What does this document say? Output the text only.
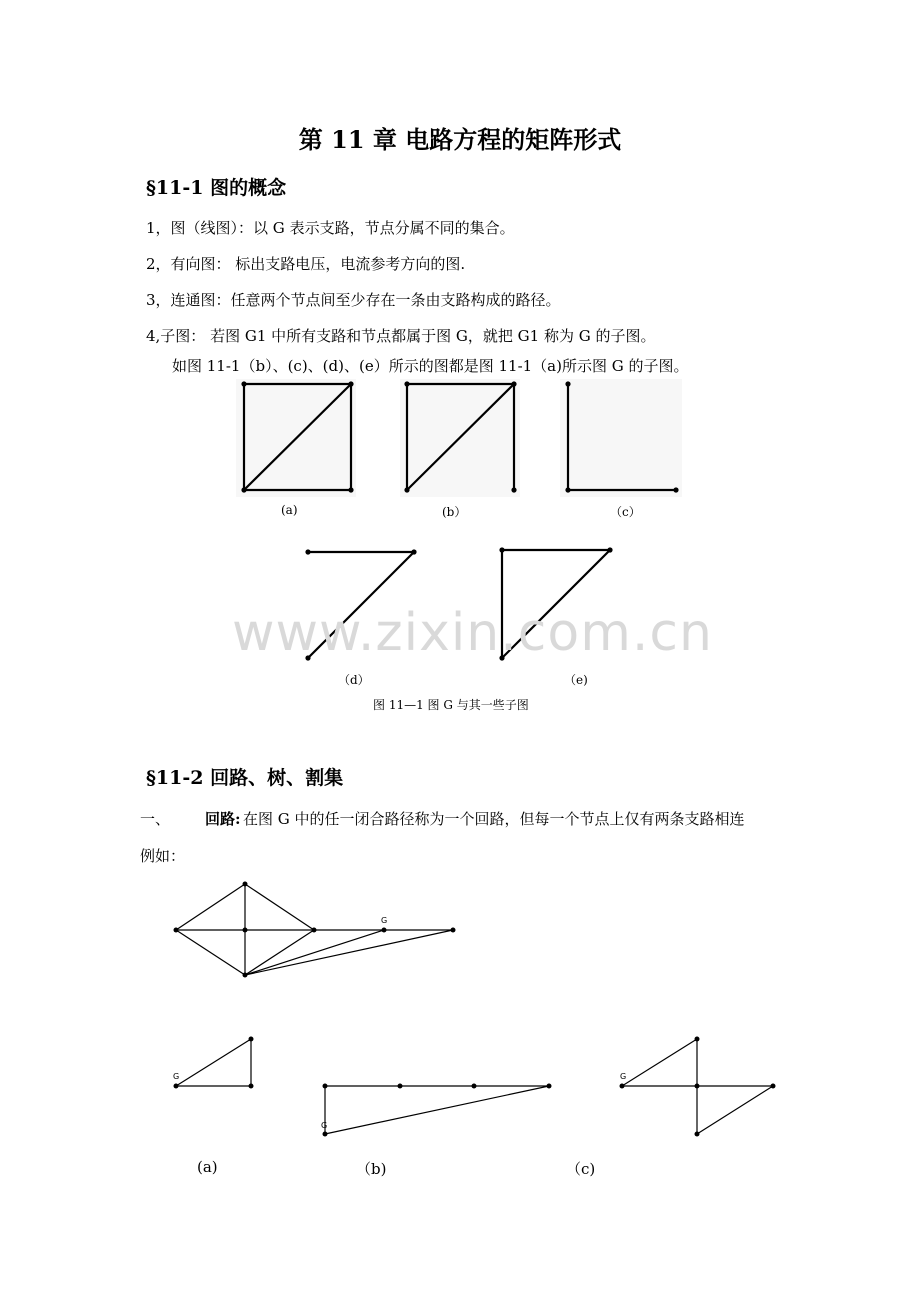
第 11 章 电路方程的矩阵形式
§11-1 图的概念
1，图（线图）：以 G 表示支路，节点分属不同的集合。
2，有向图： 标出支路电压，电流参考方向的图.
3，连通图：任意两个节点间至少存在一条由支路构成的路径。
4,子图： 若图 G1 中所有支路和节点都属于图 G，就把 G1 称为 G 的子图。
如图 11-1（b）、(c)、(d)、(e）所示的图都是图 11-1（a)所示图 G 的子图。
(a)	(b）	（c）
www.zixin.com.cn
（d）	（e)
图 11—1 图 G 与其一些子图
§11-2 回路、树、割集
一、 回路: 在图 G 中的任一闭合路径称为一个回路，但每一个节点上仅有两条支路相连
例如：
G
G
G
G
(a)	（b)	（c)
